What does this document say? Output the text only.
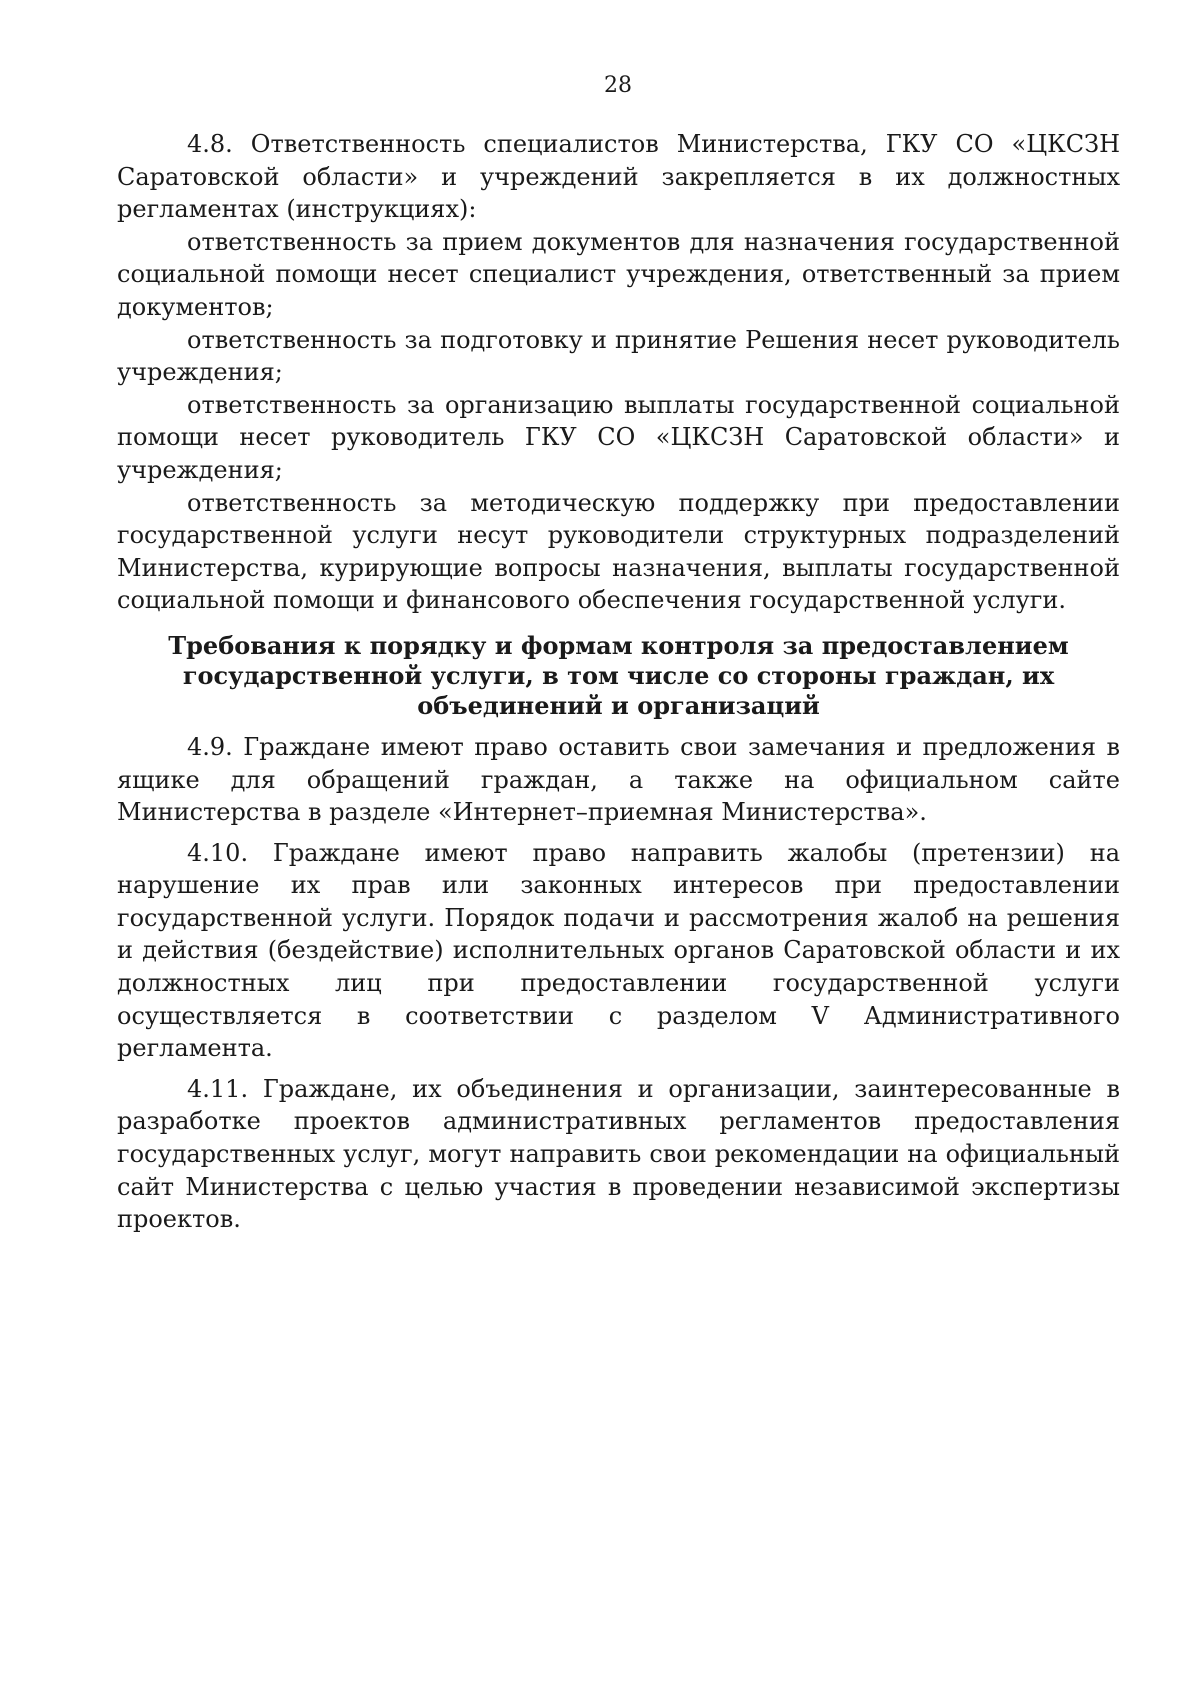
28

4.8. Ответственность специалистов Министерства, ГКУ СО «ЦКСЗН Саратовской области» и учреждений закрепляется в их должностных регламентах (инструкциях):

ответственность за прием документов для назначения государственной социальной помощи несет специалист учреждения, ответственный за прием документов;

ответственность за подготовку и принятие Решения несет руководитель учреждения;

ответственность за организацию выплаты государственной социальной помощи несет руководитель ГКУ СО «ЦКСЗН Саратовской области» и учреждения;

ответственность за методическую поддержку при предоставлении государственной услуги несут руководители структурных подразделений Министерства, курирующие вопросы назначения, выплаты государственной социальной помощи и финансового обеспечения государственной услуги.

Требования к порядку и формам контроля за предоставлением государственной услуги, в том числе со стороны граждан, их объединений и организаций

4.9. Граждане имеют право оставить свои замечания и предложения в ящике для обращений граждан, а также на официальном сайте Министерства в разделе «Интернет–приемная Министерства».

4.10. Граждане имеют право направить жалобы (претензии) на нарушение их прав или законных интересов при предоставлении государственной услуги. Порядок подачи и рассмотрения жалоб на решения и действия (бездействие) исполнительных органов Саратовской области и их должностных лиц при предоставлении государственной услуги осуществляется в соответствии с разделом V Административного регламента.

4.11. Граждане, их объединения и организации, заинтересованные в разработке проектов административных регламентов предоставления государственных услуг, могут направить свои рекомендации на официальный сайт Министерства с целью участия в проведении независимой экспертизы проектов.
